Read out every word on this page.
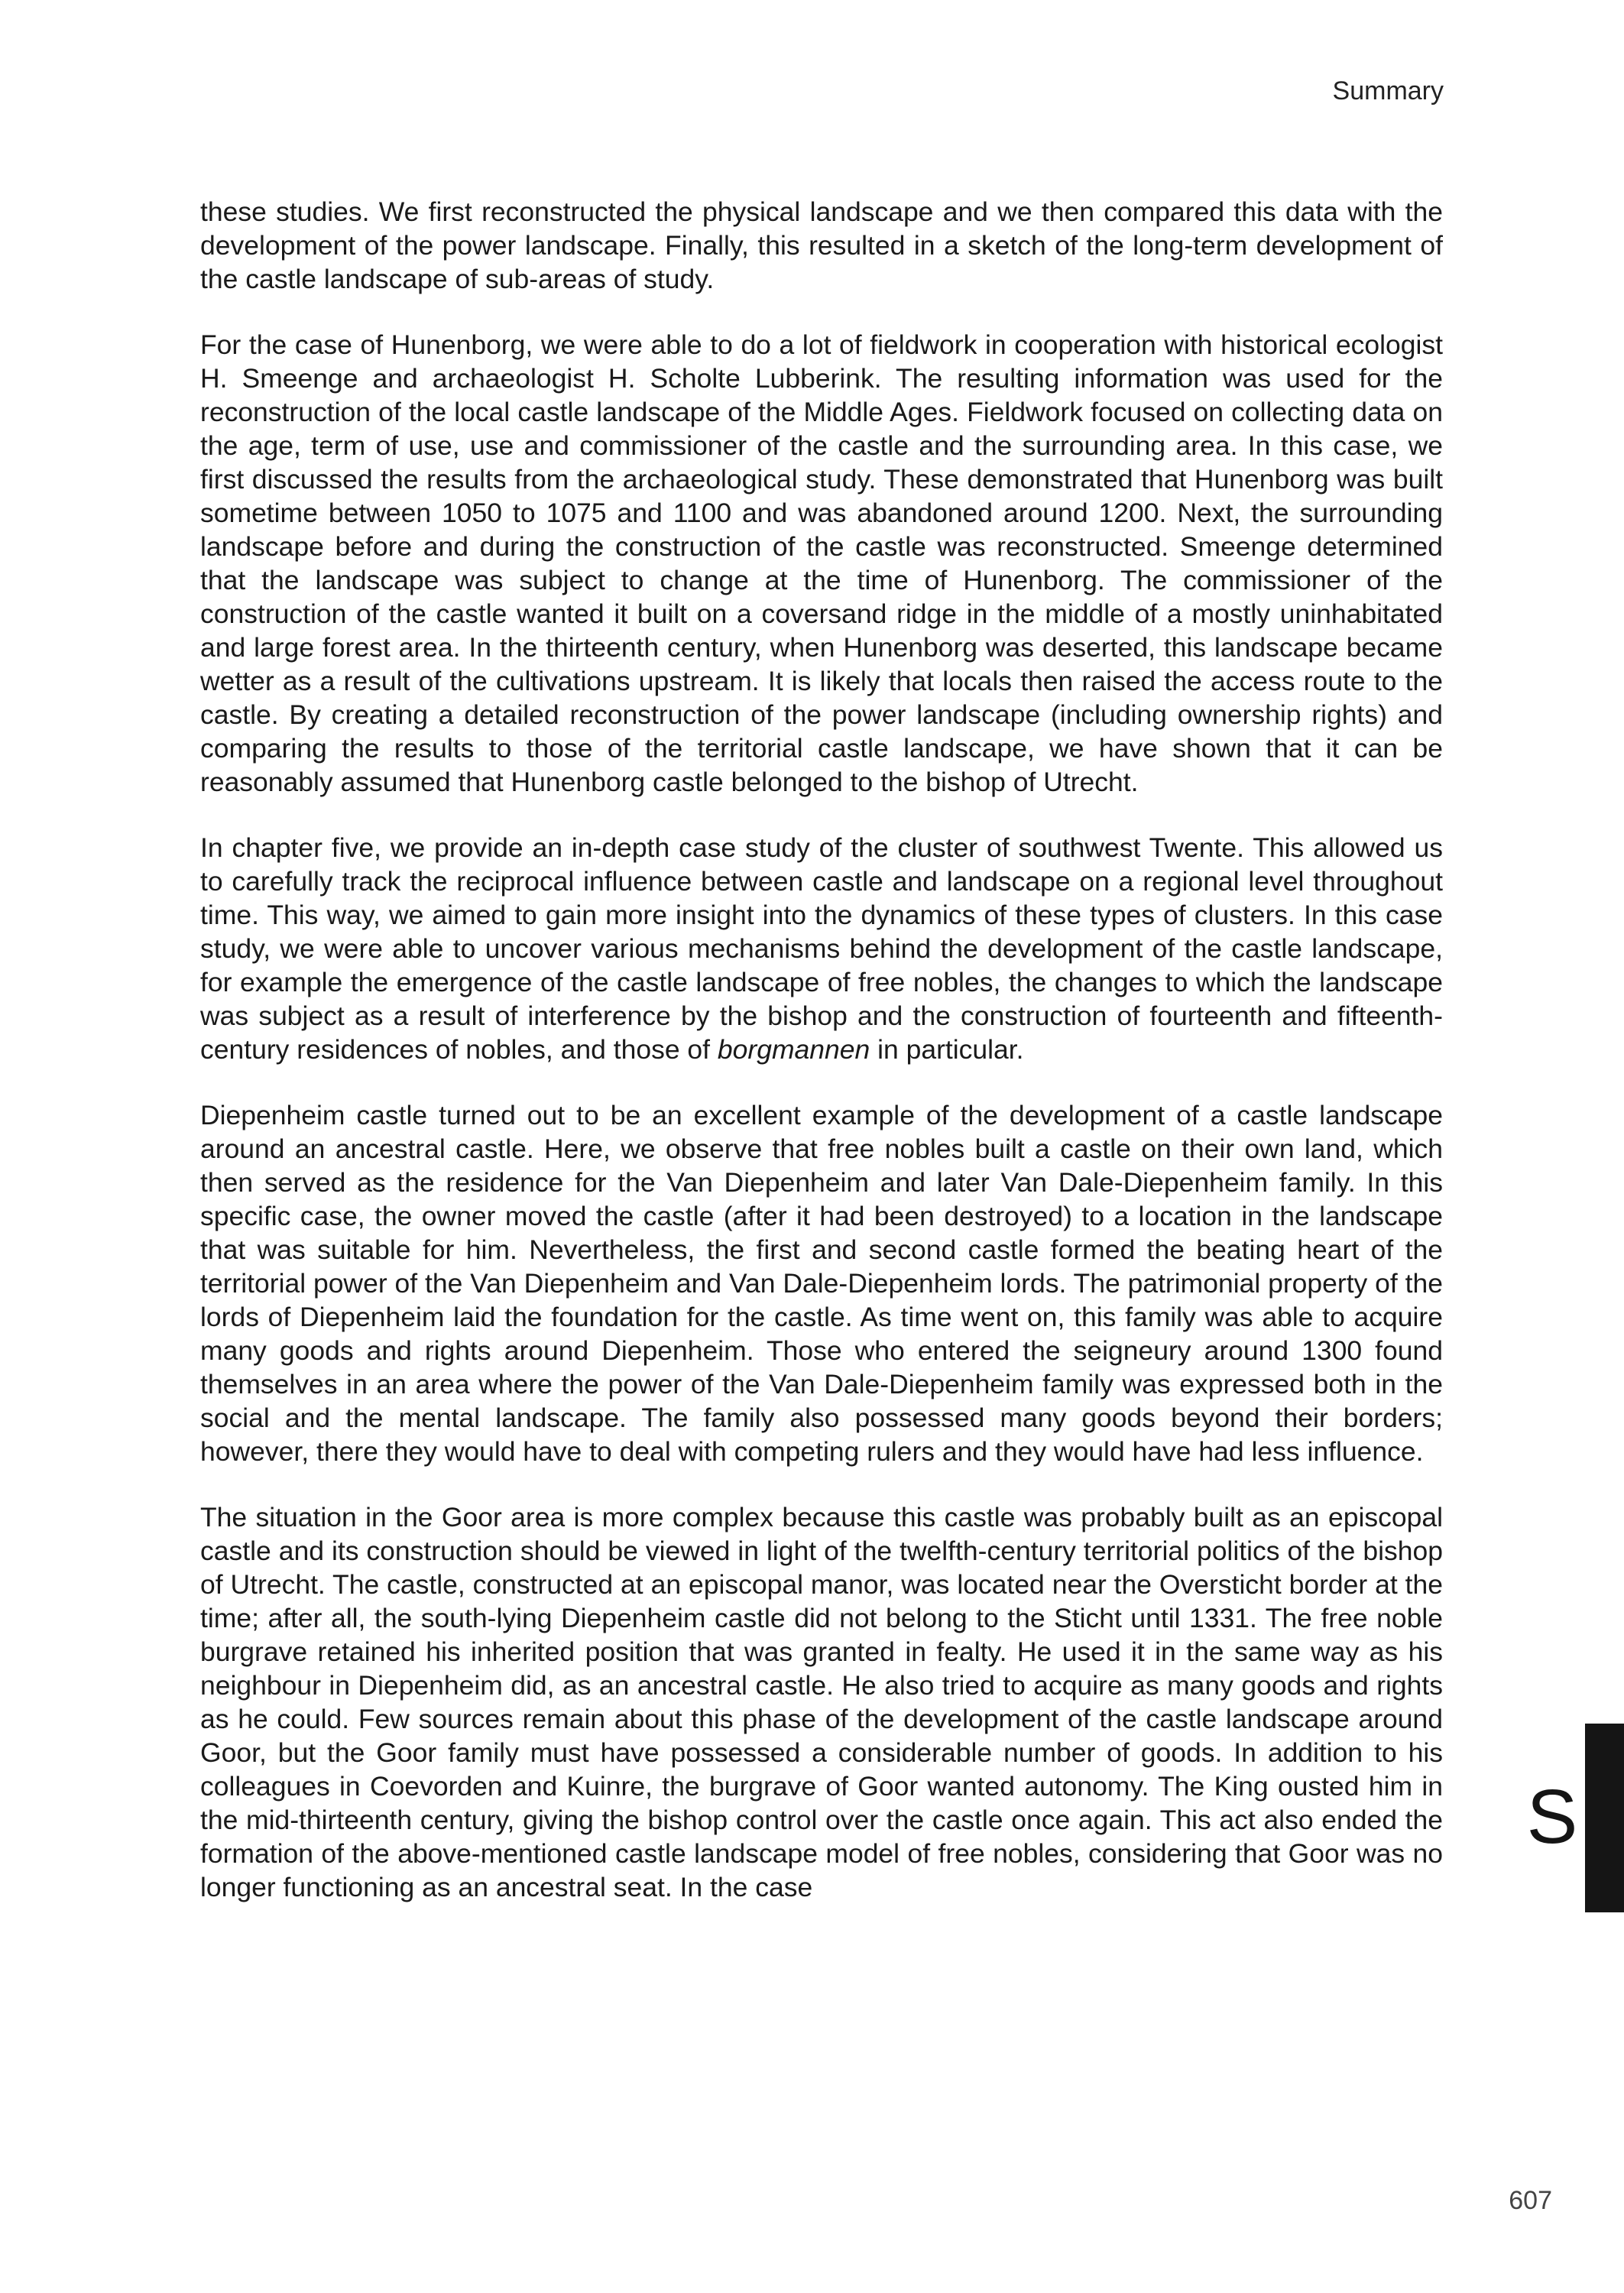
Summary

these studies. We first reconstructed the physical landscape and we then compared this data with the development of the power landscape. Finally, this resulted in a sketch of the long-term development of the castle landscape of sub-areas of study.

For the case of Hunenborg, we were able to do a lot of fieldwork in cooperation with historical ecologist H. Smeenge and archaeologist H. Scholte Lubberink. The resulting information was used for the reconstruction of the local castle landscape of the Middle Ages. Fieldwork focused on collecting data on the age, term of use, use and commissioner of the castle and the surrounding area. In this case, we first discussed the results from the archaeological study. These demonstrated that Hunenborg was built sometime between 1050 to 1075 and 1100 and was abandoned around 1200. Next, the surrounding landscape before and during the construction of the castle was reconstructed. Smeenge determined that the landscape was subject to change at the time of Hunenborg. The commissioner of the construction of the castle wanted it built on a coversand ridge in the middle of a mostly uninhabitated and large forest area. In the thirteenth century, when Hunenborg was deserted, this landscape became wetter as a result of the cultivations upstream. It is likely that locals then raised the access route to the castle. By creating a detailed reconstruction of the power landscape (including ownership rights) and comparing the results to those of the territorial castle landscape, we have shown that it can be reasonably assumed that Hunenborg castle belonged to the bishop of Utrecht.

In chapter five, we provide an in-depth case study of the cluster of southwest Twente. This allowed us to carefully track the reciprocal influence between castle and landscape on a regional level throughout time. This way, we aimed to gain more insight into the dynamics of these types of clusters. In this case study, we were able to uncover various mechanisms behind the development of the castle landscape, for example the emergence of the castle landscape of free nobles, the changes to which the landscape was subject as a result of interference by the bishop and the construction of fourteenth and fifteenth-century residences of nobles, and those of borgmannen in particular.

Diepenheim castle turned out to be an excellent example of the development of a castle landscape around an ancestral castle. Here, we observe that free nobles built a castle on their own land, which then served as the residence for the Van Diepenheim and later Van Dale-Diepenheim family. In this specific case, the owner moved the castle (after it had been destroyed) to a location in the landscape that was suitable for him. Nevertheless, the first and second castle formed the beating heart of the territorial power of the Van Diepenheim and Van Dale-Diepenheim lords. The patrimonial property of the lords of Diepenheim laid the foundation for the castle. As time went on, this family was able to acquire many goods and rights around Diepenheim. Those who entered the seigneury around 1300 found themselves in an area where the power of the Van Dale-Diepenheim family was expressed both in the social and the mental landscape. The family also possessed many goods beyond their borders; however, there they would have to deal with competing rulers and they would have had less influence.

The situation in the Goor area is more complex because this castle was probably built as an episcopal castle and its construction should be viewed in light of the twelfth-century territorial politics of the bishop of Utrecht. The castle, constructed at an episcopal manor, was located near the Oversticht border at the time; after all, the south-lying Diepenheim castle did not belong to the Sticht until 1331. The free noble burgrave retained his inherited position that was granted in fealty. He used it in the same way as his neighbour in Diepenheim did, as an ancestral castle. He also tried to acquire as many goods and rights as he could. Few sources remain about this phase of the development of the castle landscape around Goor, but the Goor family must have possessed a considerable number of goods. In addition to his colleagues in Coevorden and Kuinre, the burgrave of Goor wanted autonomy. The King ousted him in the mid-thirteenth century, giving the bishop control over the castle once again. This act also ended the formation of the above-mentioned castle landscape model of free nobles, considering that Goor was no longer functioning as an ancestral seat. In the case

S
607
